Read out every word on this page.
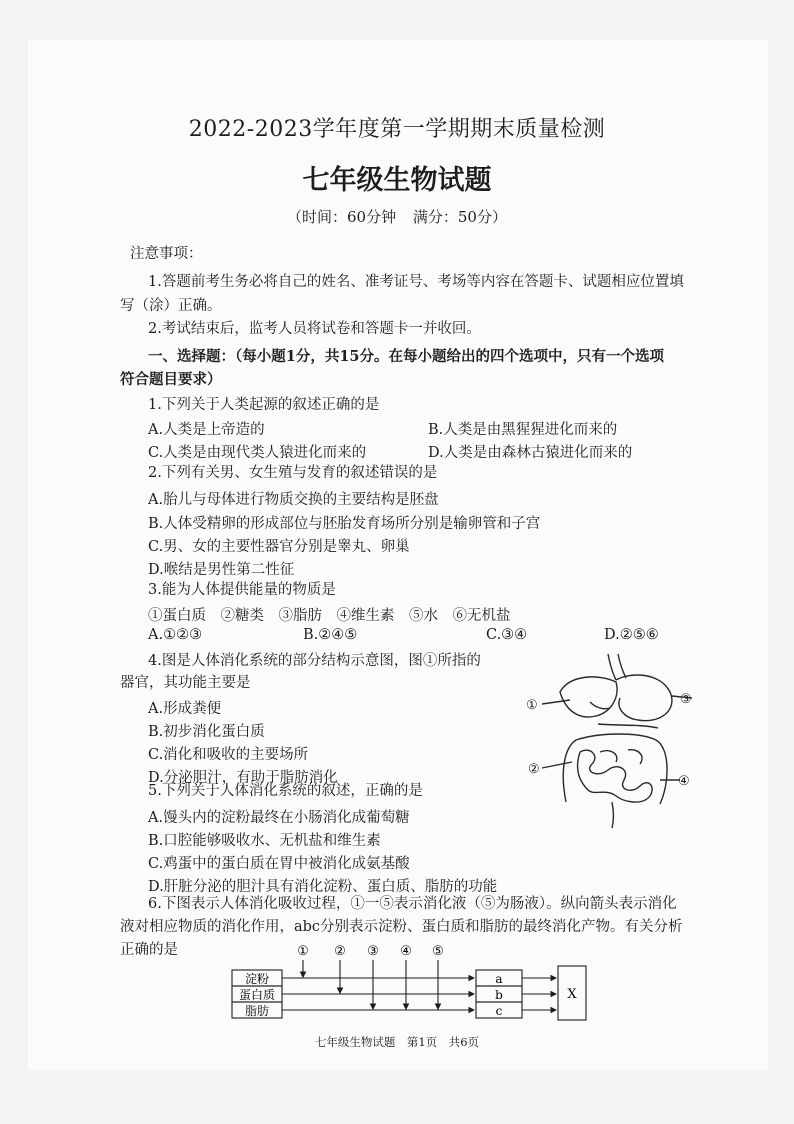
2022-2023学年度第一学期期末质量检测
七年级生物试题
（时间：60分钟 满分：50分）
注意事项：
1.答题前考生务必将自己的姓名、准考证号、考场等内容在答题卡、试题相应位置填
写（涂）正确。
2.考试结束后，监考人员将试卷和答题卡一并收回。
一、选择题：（每小题1分，共15分。在每小题给出的四个选项中，只有一个选项
符合题目要求）
1.下列关于人类起源的叙述正确的是
A.人类是上帝造的	B.人类是由黑猩猩进化而来的
C.人类是由现代类人猿进化而来的	D.人类是由森林古猿进化而来的
2.下列有关男、女生殖与发育的叙述错误的是
A.胎儿与母体进行物质交换的主要结构是胚盘
B.人体受精卵的形成部位与胚胎发育场所分别是输卵管和子宫
C.男、女的主要性器官分别是睾丸、卵巢
D.喉结是男性第二性征
3.能为人体提供能量的物质是
①蛋白质　②糖类　③脂肪　④维生素　⑤水　⑥无机盐
A.①②③	B.②④⑤	C.③④	D.②⑤⑥
4.图是人体消化系统的部分结构示意图，图①所指的
器官，其功能主要是
A.形成粪便
B.初步消化蛋白质
C.消化和吸收的主要场所
D.分泌胆汁，有助于脂肪消化
①
②
③
④
5.下列关于人体消化系统的叙述，正确的是
A.馒头内的淀粉最终在小肠消化成葡萄糖
B.口腔能够吸收水、无机盐和维生素
C.鸡蛋中的蛋白质在胃中被消化成氨基酸
D.肝脏分泌的胆汁具有消化淀粉、蛋白质、脂肪的功能
6.下图表示人体消化吸收过程，①一⑤表示消化液（⑤为肠液）。纵向箭头表示消化
液对相应物质的消化作用，abc分别表示淀粉、蛋白质和脂肪的最终消化产物。有关分析
正确的是	① ② ③ ④ ⑤
淀粉
蛋白质
脂肪
a
b
c
X
七年级生物试题　第1页　共6页
